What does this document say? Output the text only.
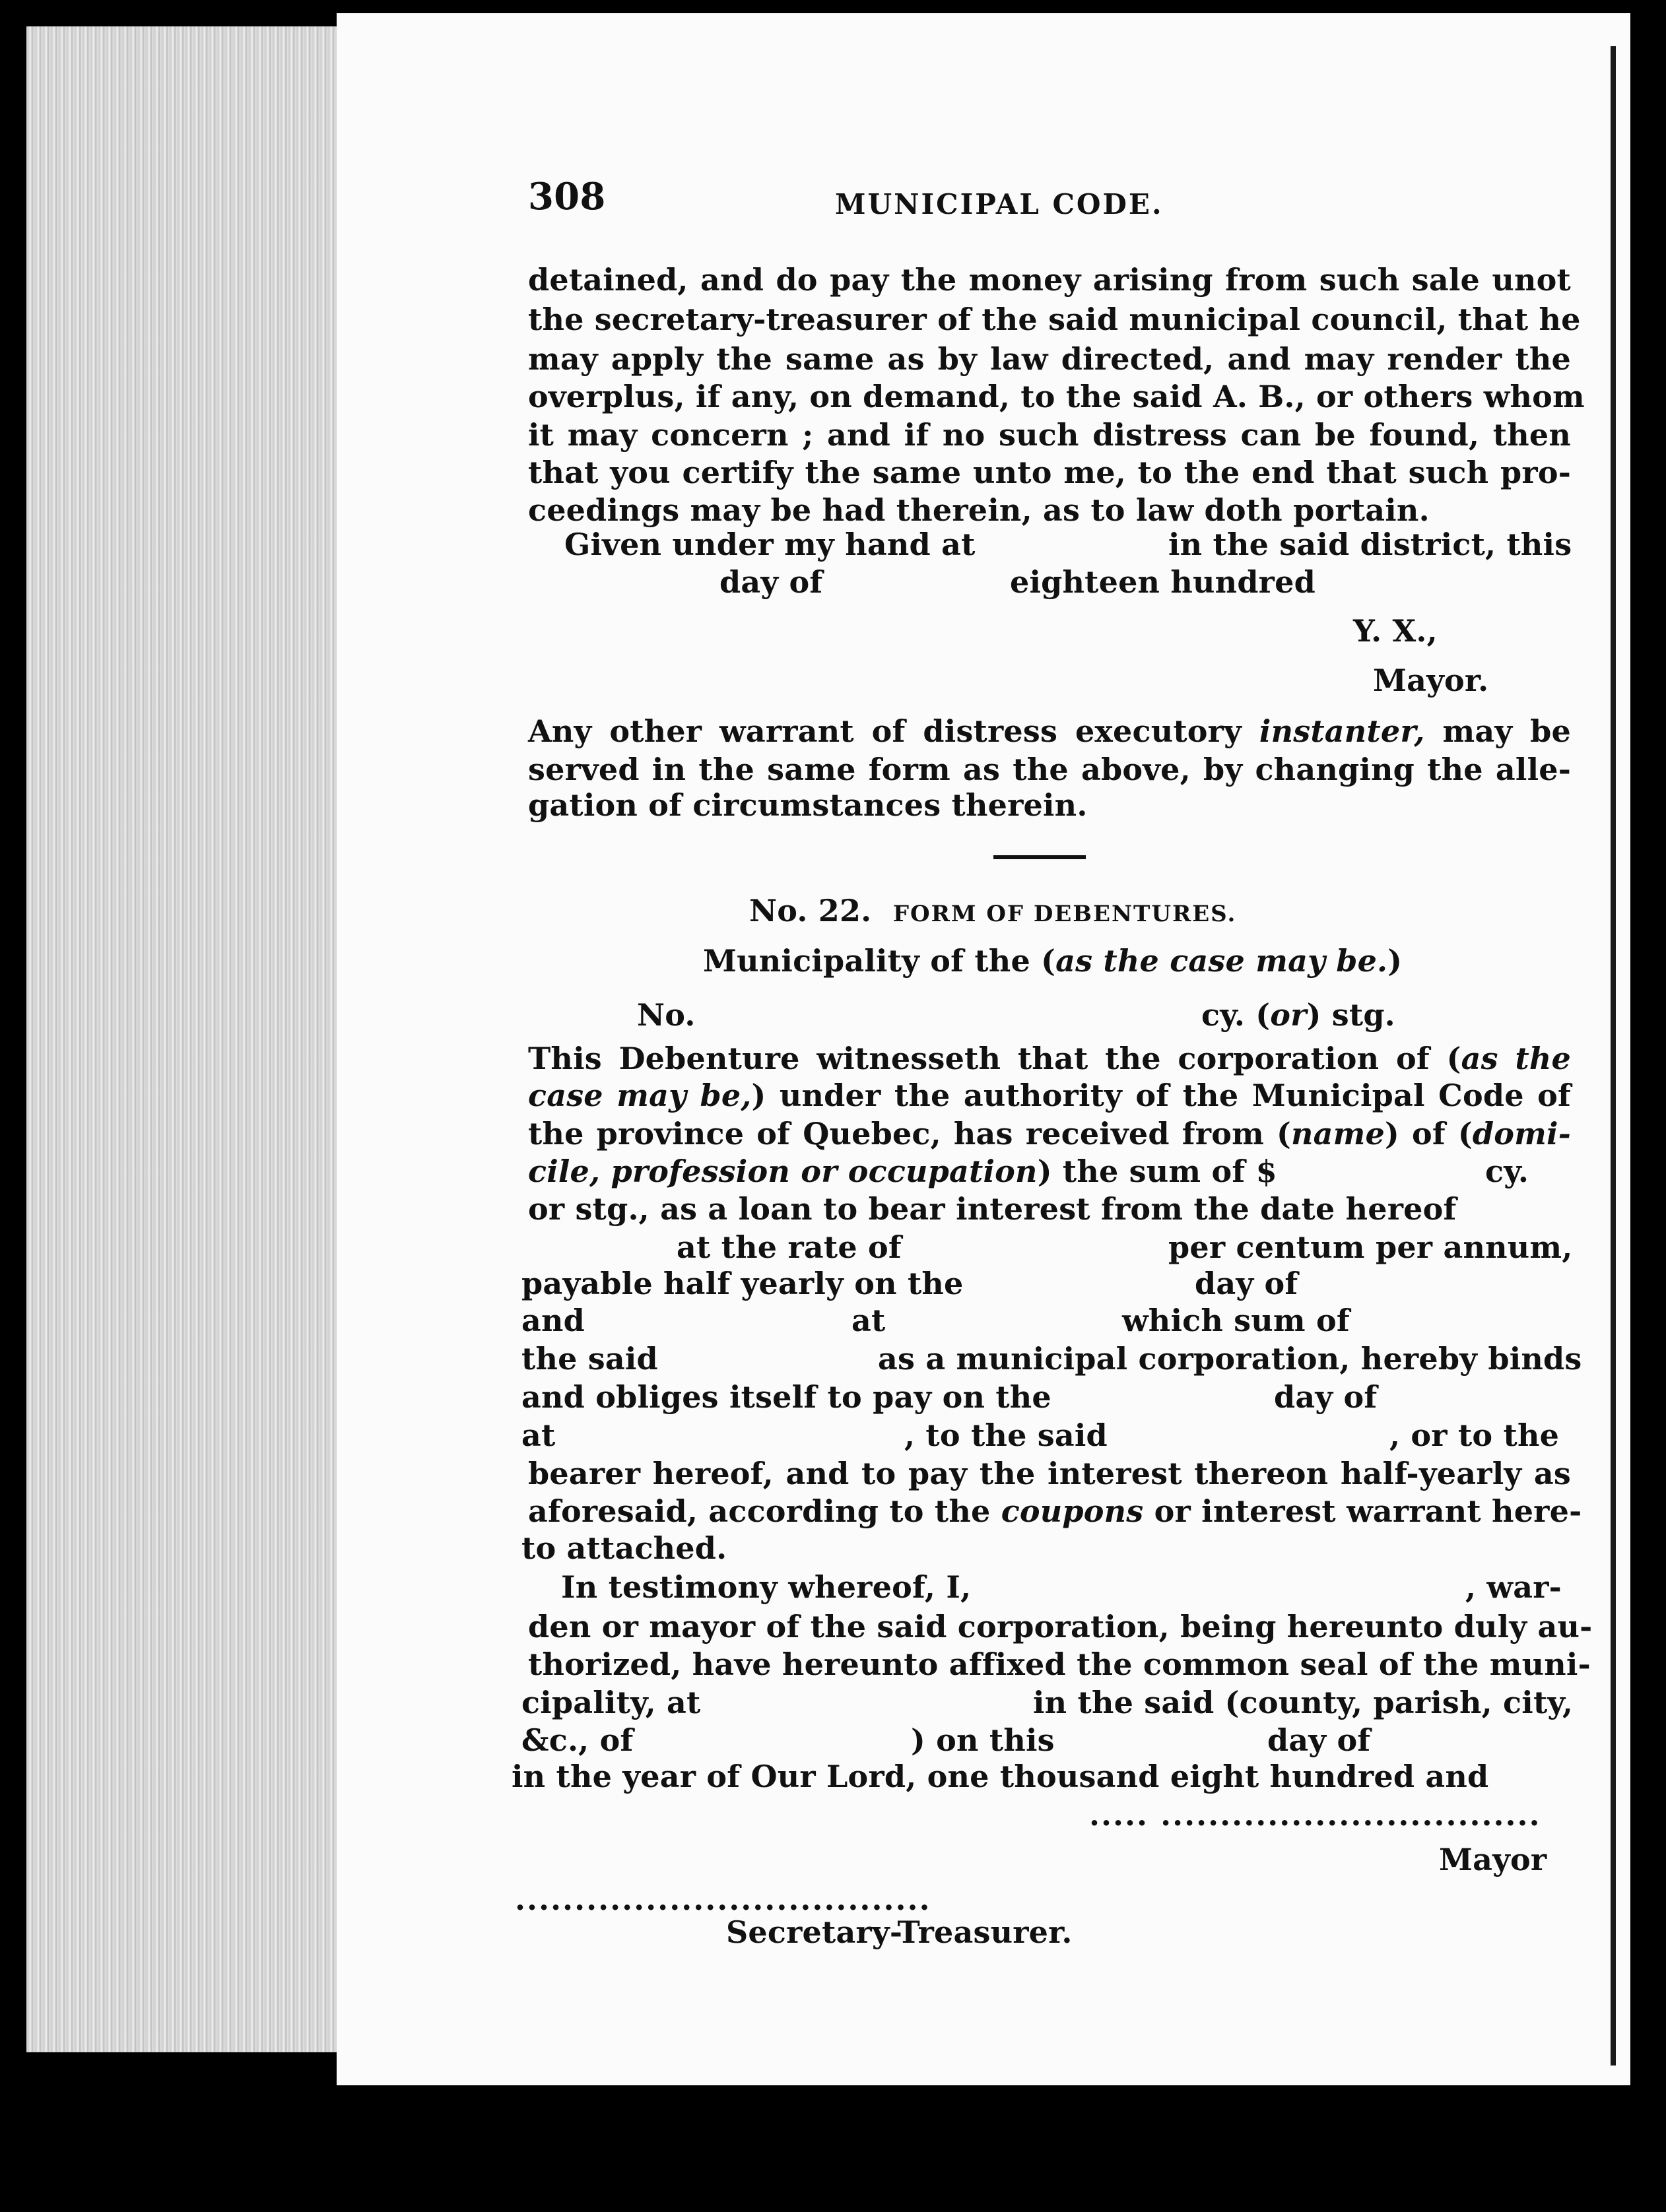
308	MUNICIPAL CODE.
detained, and do pay the money arising from such sale unot
the secretary-treasurer of the said municipal council, that he
may apply the same as by law directed, and may render the
overplus, if any, on demand, to the said A. B., or others whom
it may concern ; and if no such distress can be found, then
that you certify the same unto me, to the end that such pro-
ceedings may be had therein, as to law doth portain.
Given under my hand at	in the said district, this
day of	eighteen hundred
Y. X.,
Mayor.
Any other warrant of distress executory instanter, may be
served in the same form as the above, by changing the alle-
gation of circumstances therein.
No. 22. FORM OF DEBENTURES.
Municipality of the (as the case may be.)
No.	cy. (or) stg.
This Debenture witnesseth that the corporation of (as the
case may be,) under the authority of the Municipal Code of
the province of Quebec, has received from (name) of (domi-
cile, profession or occupation) the sum of $	cy.
or stg., as a loan to bear interest from the date hereof
at the rate of	per centum per annum,
payable half yearly on the	day of
and	at	which sum of
the said	as a municipal corporation, hereby binds
and obliges itself to pay on the	day of
at	, to the said	, or to the
bearer hereof, and to pay the interest thereon half-yearly as
aforesaid, according to the coupons or interest warrant here-
to attached.
In testimony whereof, I,	, war-
den or mayor of the said corporation, being hereunto duly au-
thorized, have hereunto affixed the common seal of the muni-
cipality, at	in the said (county, parish, city,
&c., of	) on this	day of
in the year of Our Lord, one thousand eight hundred and
..... ................................
Mayor
...................................
Secretary-Treasurer.
